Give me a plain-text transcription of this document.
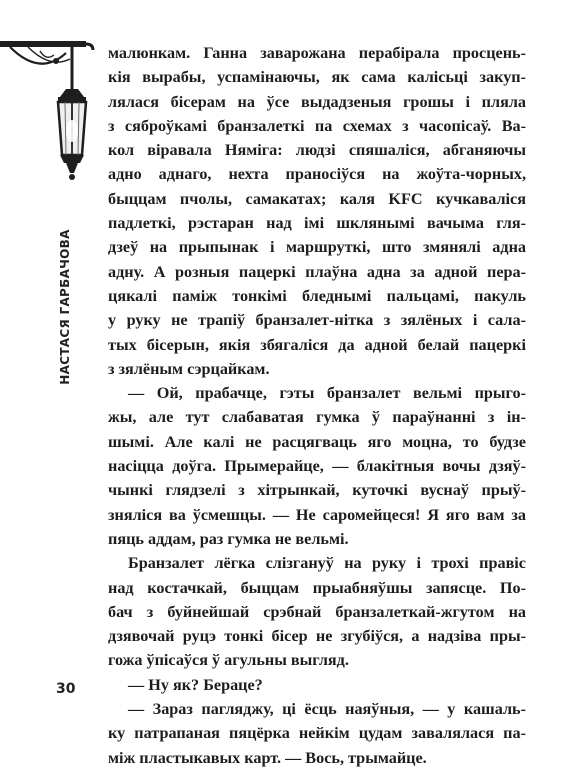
НАСТАСЯ ГАРБАЧОВА
малюнкам. Ганна заварожана перабірала просцень-
кія вырабы, успамінаючы, як сама калісьці закуп-
лялася бісерам на ўсе выдадзеныя грошы і пляла
з сяброўкамі бранзалеткі па схемах з часопісаў. Ва-
кол віравала Няміга: людзі спяшаліся, абганяючы
адно аднаго, нехта праносіўся на жоўта-чорных,
быццам пчолы, самакатах; каля KFC кучкаваліся
падлеткі, рэстаран над імі шклянымі вачыма гля-
дзеў на прыпынак і маршруткі, што змянялі адна
адну. А розныя пацеркі плаўна адна за адной пера-
цякалі паміж тонкімі бледнымі пальцамі, пакуль
у руку не трапіў бранзалет-нітка з зялёных і сала-
тых бісерын, якія збягаліся да адной белай пацеркі
з зялёным сэрцайкам.
— Ой, прабачце, гэты бранзалет вельмі прыго-
жы, але тут слабаватая гумка ў параўнанні з ін-
шымі. Але калі не расцягваць яго моцна, то будзе
насіцца доўга. Прымерайце, — блакітныя вочы дзяў-
чынкі глядзелі з хітрынкай, куточкі вуснаў прыў-
зняліся ва ўсмешцы. — Не саромейцеся! Я яго вам за
пяць аддам, раз гумка не вельмі.
Бранзалет лёгка слізгануў на руку і трохі правіс
над костачкай, быццам прыабняўшы запясце. По-
бач з буйнейшай срэбнай бранзалеткай-жгутом на
дзявочай руцэ тонкі бісер не згубіўся, а надзіва пры-
гожа ўпісаўся ў агульны выгляд.
— Ну як? Бераце?
— Зараз пагляджу, ці ёсць наяўныя, — у кашаль-
ку патрапаная пяцёрка нейкім цудам завалялася па-
між пластыкавых карт. — Вось, трымайце.
30
